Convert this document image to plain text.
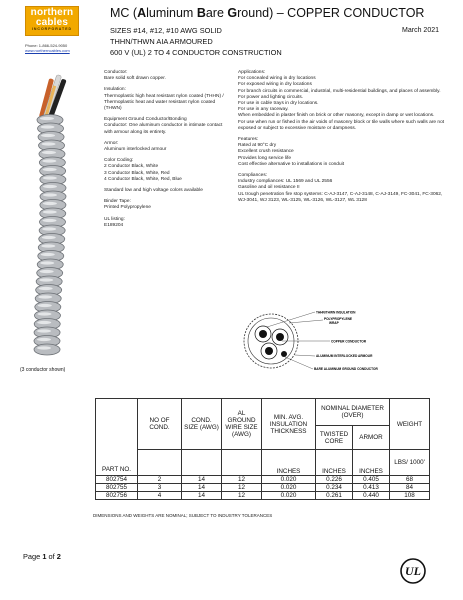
northern
cables
INCORPORATED
Phone: 1-866-524-9050
www.northerncables.com
MC (Aluminum Bare Ground) – COPPER CONDUCTOR
March 2021
SIZES #14, #12, #10 AWG SOLID
THHN/THWN AIA ARMOURED
600 V (UL) 2 TO 4 CONDUCTOR CONSTRUCTION

Conductor:
Bare solid soft drawn copper.

Insulation:
Thermoplastic high heat resistant nylon coated (THHN) / Thermoplastic heat and water resistant nylon coated (THWN)

Equipment Ground Conductor/Bonding
Conductor: One aluminum conductor in intimate contact with armour along its entirety.

Armor:
Aluminum interlocked armour

Color Coding:
2 Conductor Black, White
3 Conductor Black, White, Red
4 Conductor Black, White, Red, Blue

Standard low and high voltage colors available

Binder Tape:
Printed Polypropylene

UL listing:
E189204

Applications:
For concealed wiring in dry locations
For exposed wiring in dry locations
For branch circuits in commercial, industrial, multi-residential buildings, and places of assembly.
For power and lighting circuits.
For use in cable trays in dry locations.
For use in any raceway.
When embedded in plaster finish on brick or other masonry, except in damp or wet locations.
For use when run or fished in the air voids of masonry block or tile walls where such walls are not exposed or subject to excessive moisture or dampness.

Features:
Rated at 90°C dry
Excellent crush resistance
Provides long service life
Cost effective alternative to installations in conduit

Compliances:
Industry compliances: UL 1569 and UL 2556
Gasoline and oil resistance II
UL trough penetration fire stop systems: C-AJ-3147, C-AJ-3148, C-AJ-3149, FC-3041, FC-3062, WJ-3041, WJ 3123, WL-3125, WL-3126, WL-3127, WL 3128

THHN/THWN INSULATION
POLYPROPYLENE
WRAP
COPPER CONDUCTOR
ALUMINUM INTERLOCKED ARMOUR
BARE ALUMINUM GROUND CONDUCTOR
(3 conductor shown)
PART NO.	NO OF COND.	COND. SIZE (AWG)	AL GROUND WIRE SIZE (AWG)	MIN. AVG. INSULATION THICKNESS	NOMINAL DIAMETER (OVER)		WEIGHT
					TWISTED CORE	ARMOR	
				INCHES	INCHES	INCHES	LBS/ 1000'
802754	2	14	12	0.020	0.226	0.405	68
802755	3	14	12	0.020	0.234	0.413	84
802756	4	14	12	0.020	0.261	0.440	108
DIMENSIONS AND WEIGHTS ARE NOMINAL; SUBJECT TO INDUSTRY TOLERANCES
Page 1 of 2
UL
